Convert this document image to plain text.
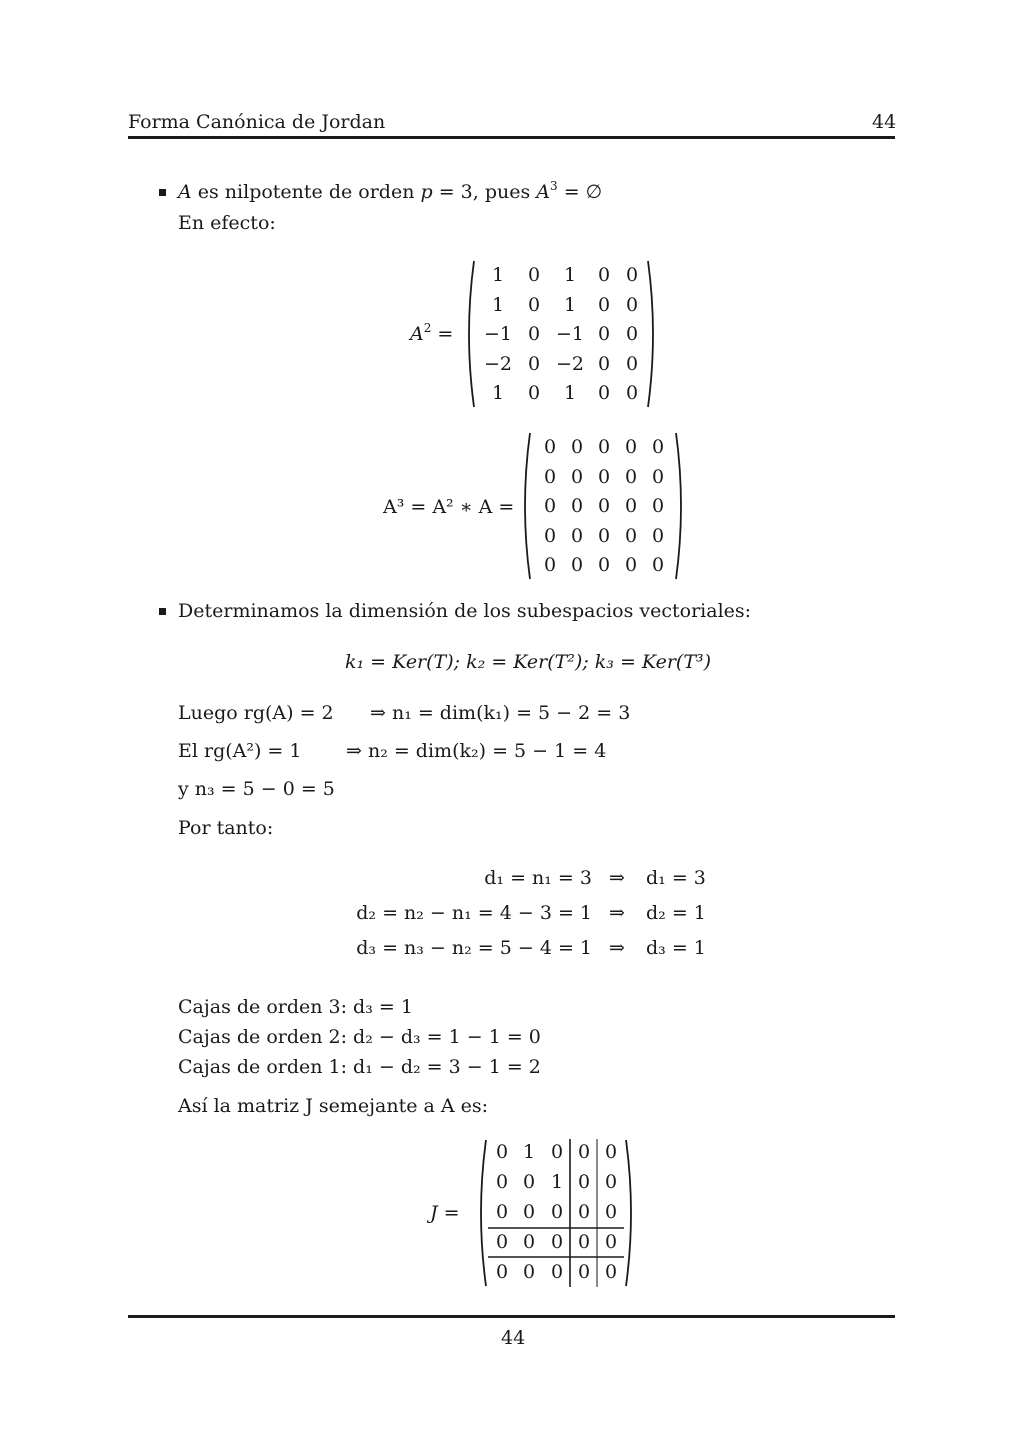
Forma Canónica de Jordan	44
A es nilpotente de orden p = 3, pues $A^3$ = ∅
En efecto:
$A^2$ =
1	0	1	0 0
1	0	1	0 0
−1 0 −1 0 0
−2 0 −2 0 0
1	0	1	0 0
A³ = A² ∗ A =
0 0 0 0 0
0 0 0 0 0
0 0 0 0 0
0 0 0 0 0
0 0 0 0 0
Determinamos la dimensión de los subespacios vectoriales:
k₁ = Ker(T); k₂ = Ker(T²); k₃ = Ker(T³)
Luego rg(A) = 2 ⇒ n₁ = dim(k₁) = 5 − 2 = 3
El rg(A²) = 1 ⇒ n₂ = dim(k₂) = 5 − 1 = 4
y n₃ = 5 − 0 = 5
Por tanto:
d₁ = n₁ = 3 ⇒ d₁ = 3
d₂ = n₂ − n₁ = 4 − 3 = 1 ⇒ d₂ = 1
d₃ = n₃ − n₂ = 5 − 4 = 1 ⇒ d₃ = 1
Cajas de orden 3: d₃ = 1
Cajas de orden 2: d₂ − d₃ = 1 − 1 = 0
Cajas de orden 1: d₁ − d₂ = 3 − 1 = 2
Así la matriz J semejante a A es:
J =
0 1 0 0 0
0 0 1 0 0
0 0 0 0 0
0 0 0 0 0
0 0 0 0 0
44
